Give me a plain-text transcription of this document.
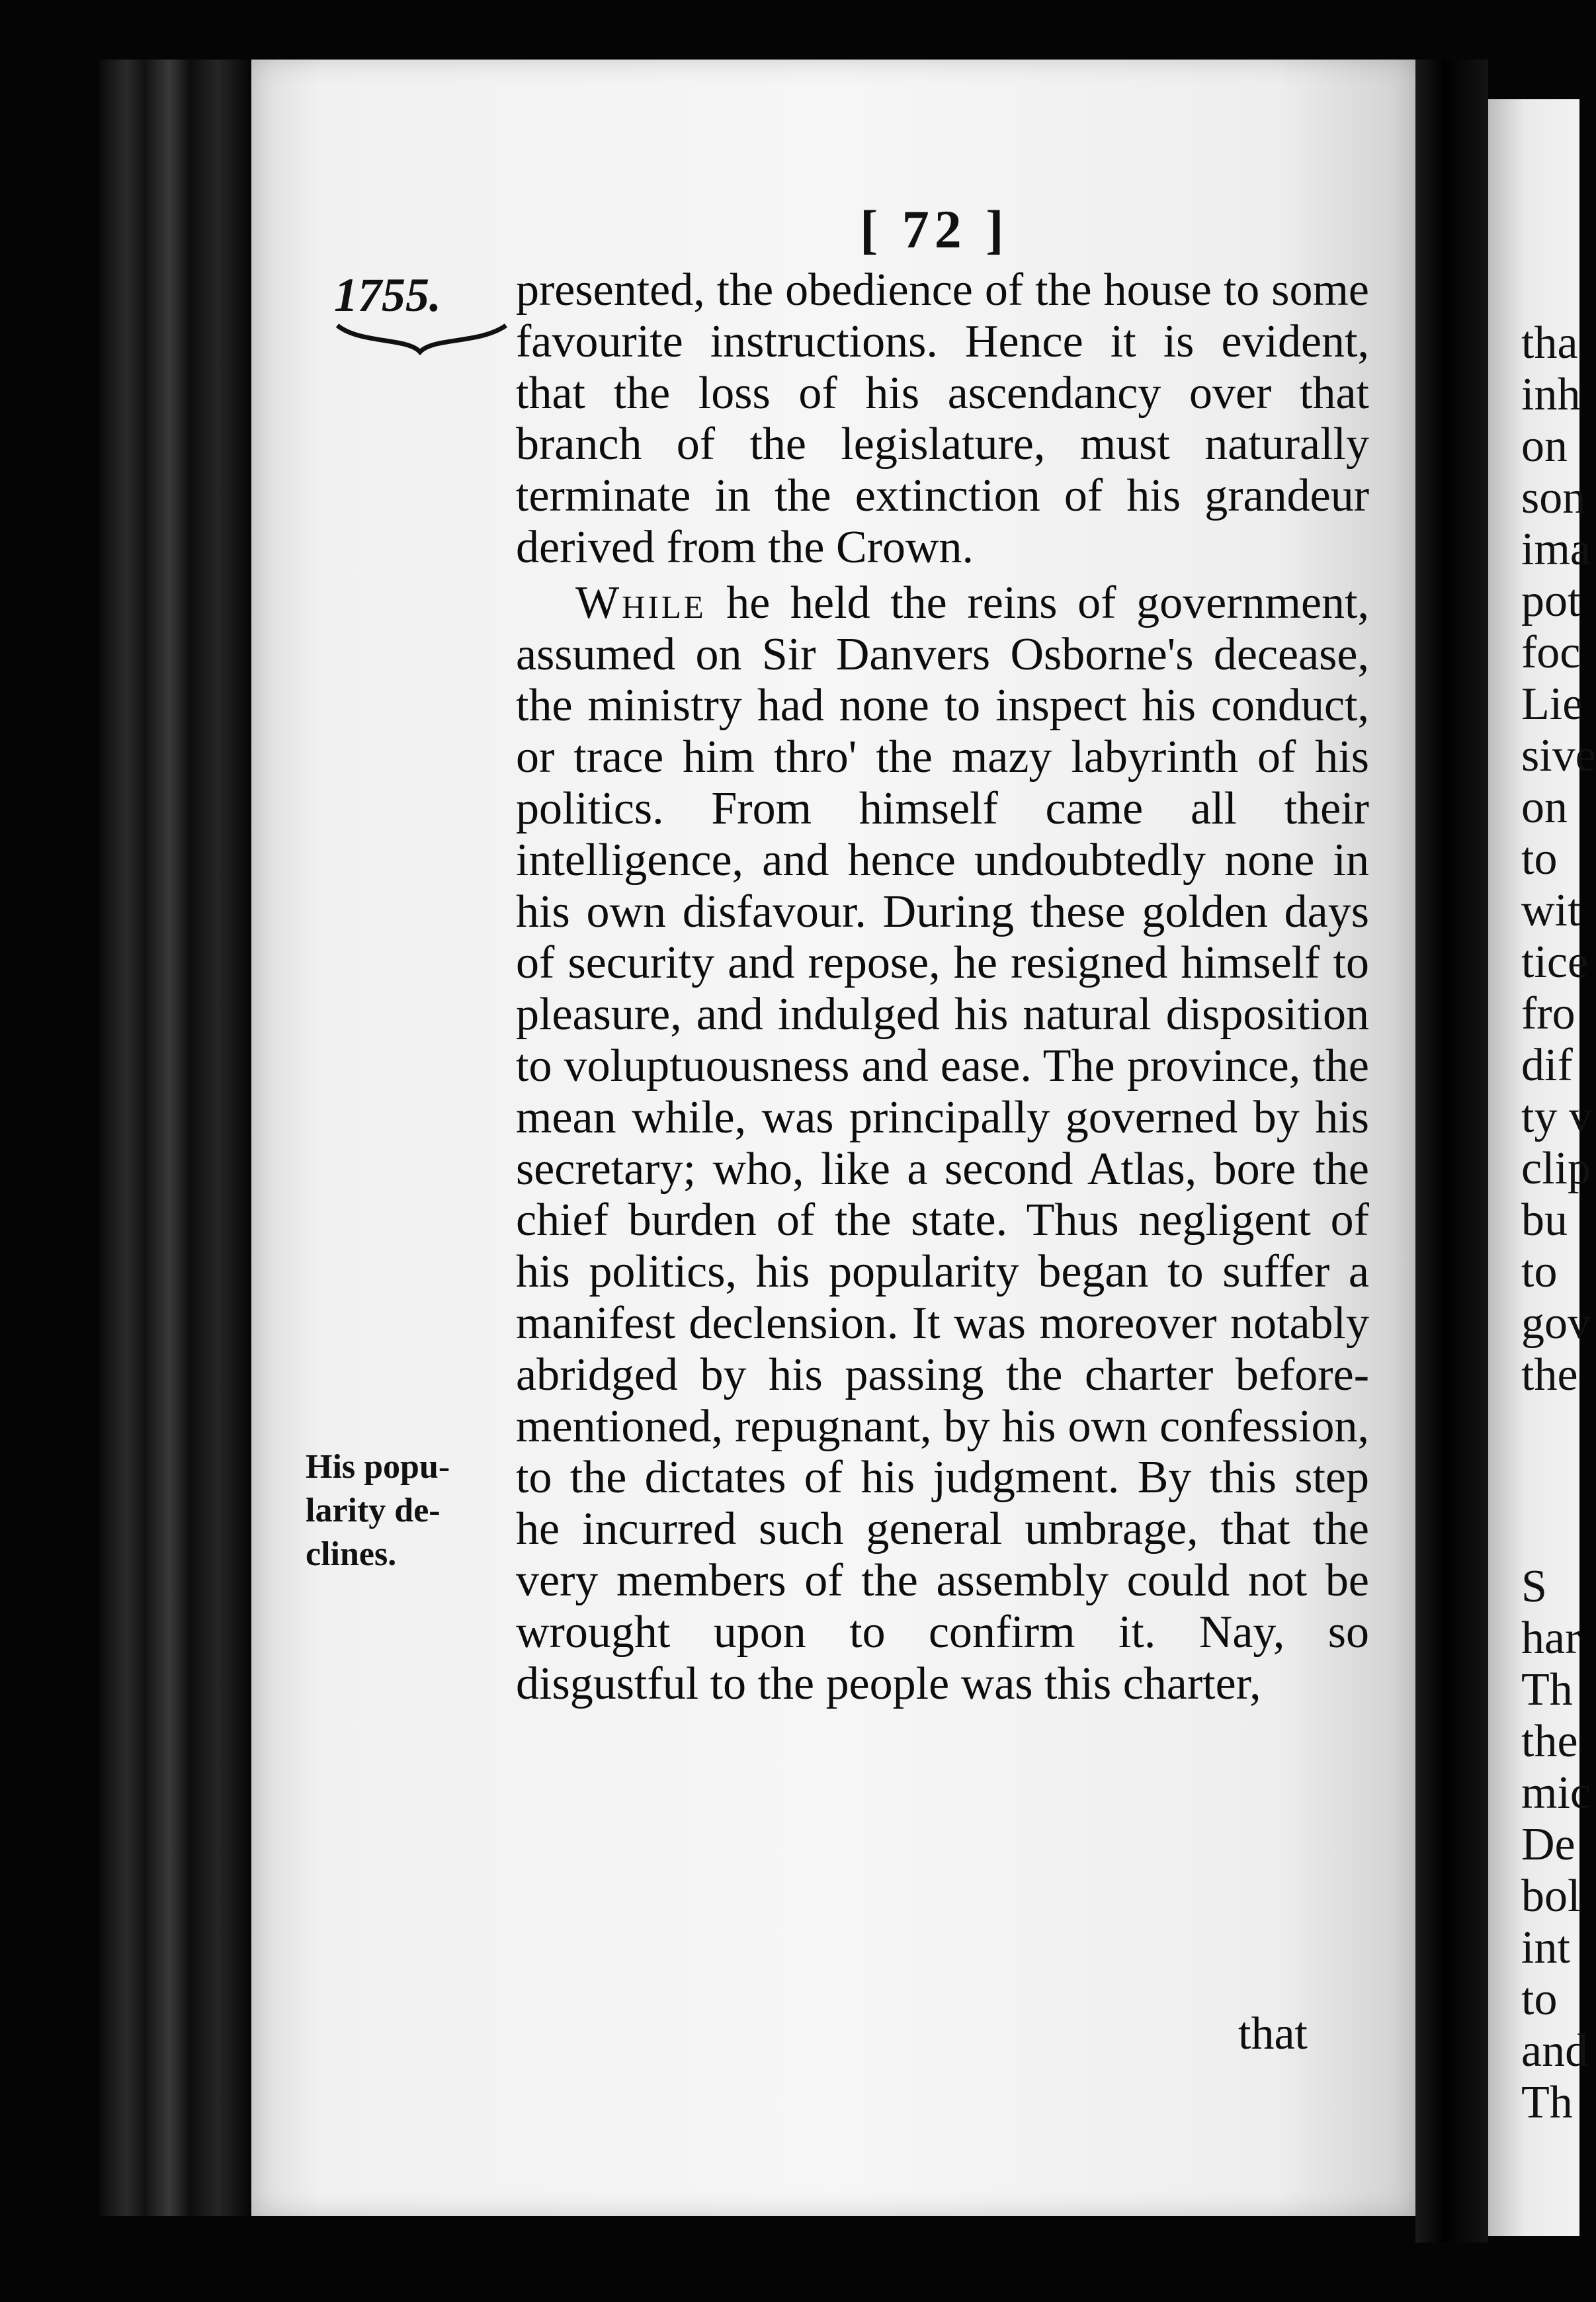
tha
inh
on
son
ima
pot
foc
Lie
sive
on
to
wit
tice
fro
dif
ty v
clip
bu
to
gov
the
S
har
Th
the
mic
De
bol
int
to
and
Th
[ 72 ]
1755.
His popu-larity de-clines.

presented, the obedience of the house to some favourite instructions. Hence it is evident, that the loss of his ascendancy over that branch of the legislature, must naturally terminate in the extinction of his grandeur derived from the Crown.

While he held the reins of government, assumed on Sir Danvers Osborne's decease, the ministry had none to inspect his conduct, or trace him thro' the mazy labyrinth of his politics. From himself came all their intelligence, and hence undoubtedly none in his own disfavour. During these golden days of security and repose, he resigned himself to pleasure, and indulged his natural disposition to voluptuousness and ease. The province, the mean while, was principally governed by his secretary; who, like a second Atlas, bore the chief burden of the state. Thus negligent of his politics, his popularity began to suffer a manifest declension. It was moreover notably abridged by his passing the charter before-mentioned, repugnant, by his own confession, to the dictates of his judgment. By this step he incurred such general umbrage, that the very members of the assembly could not be wrought upon to confirm it. Nay, so disgustful to the people was this charter,

that
